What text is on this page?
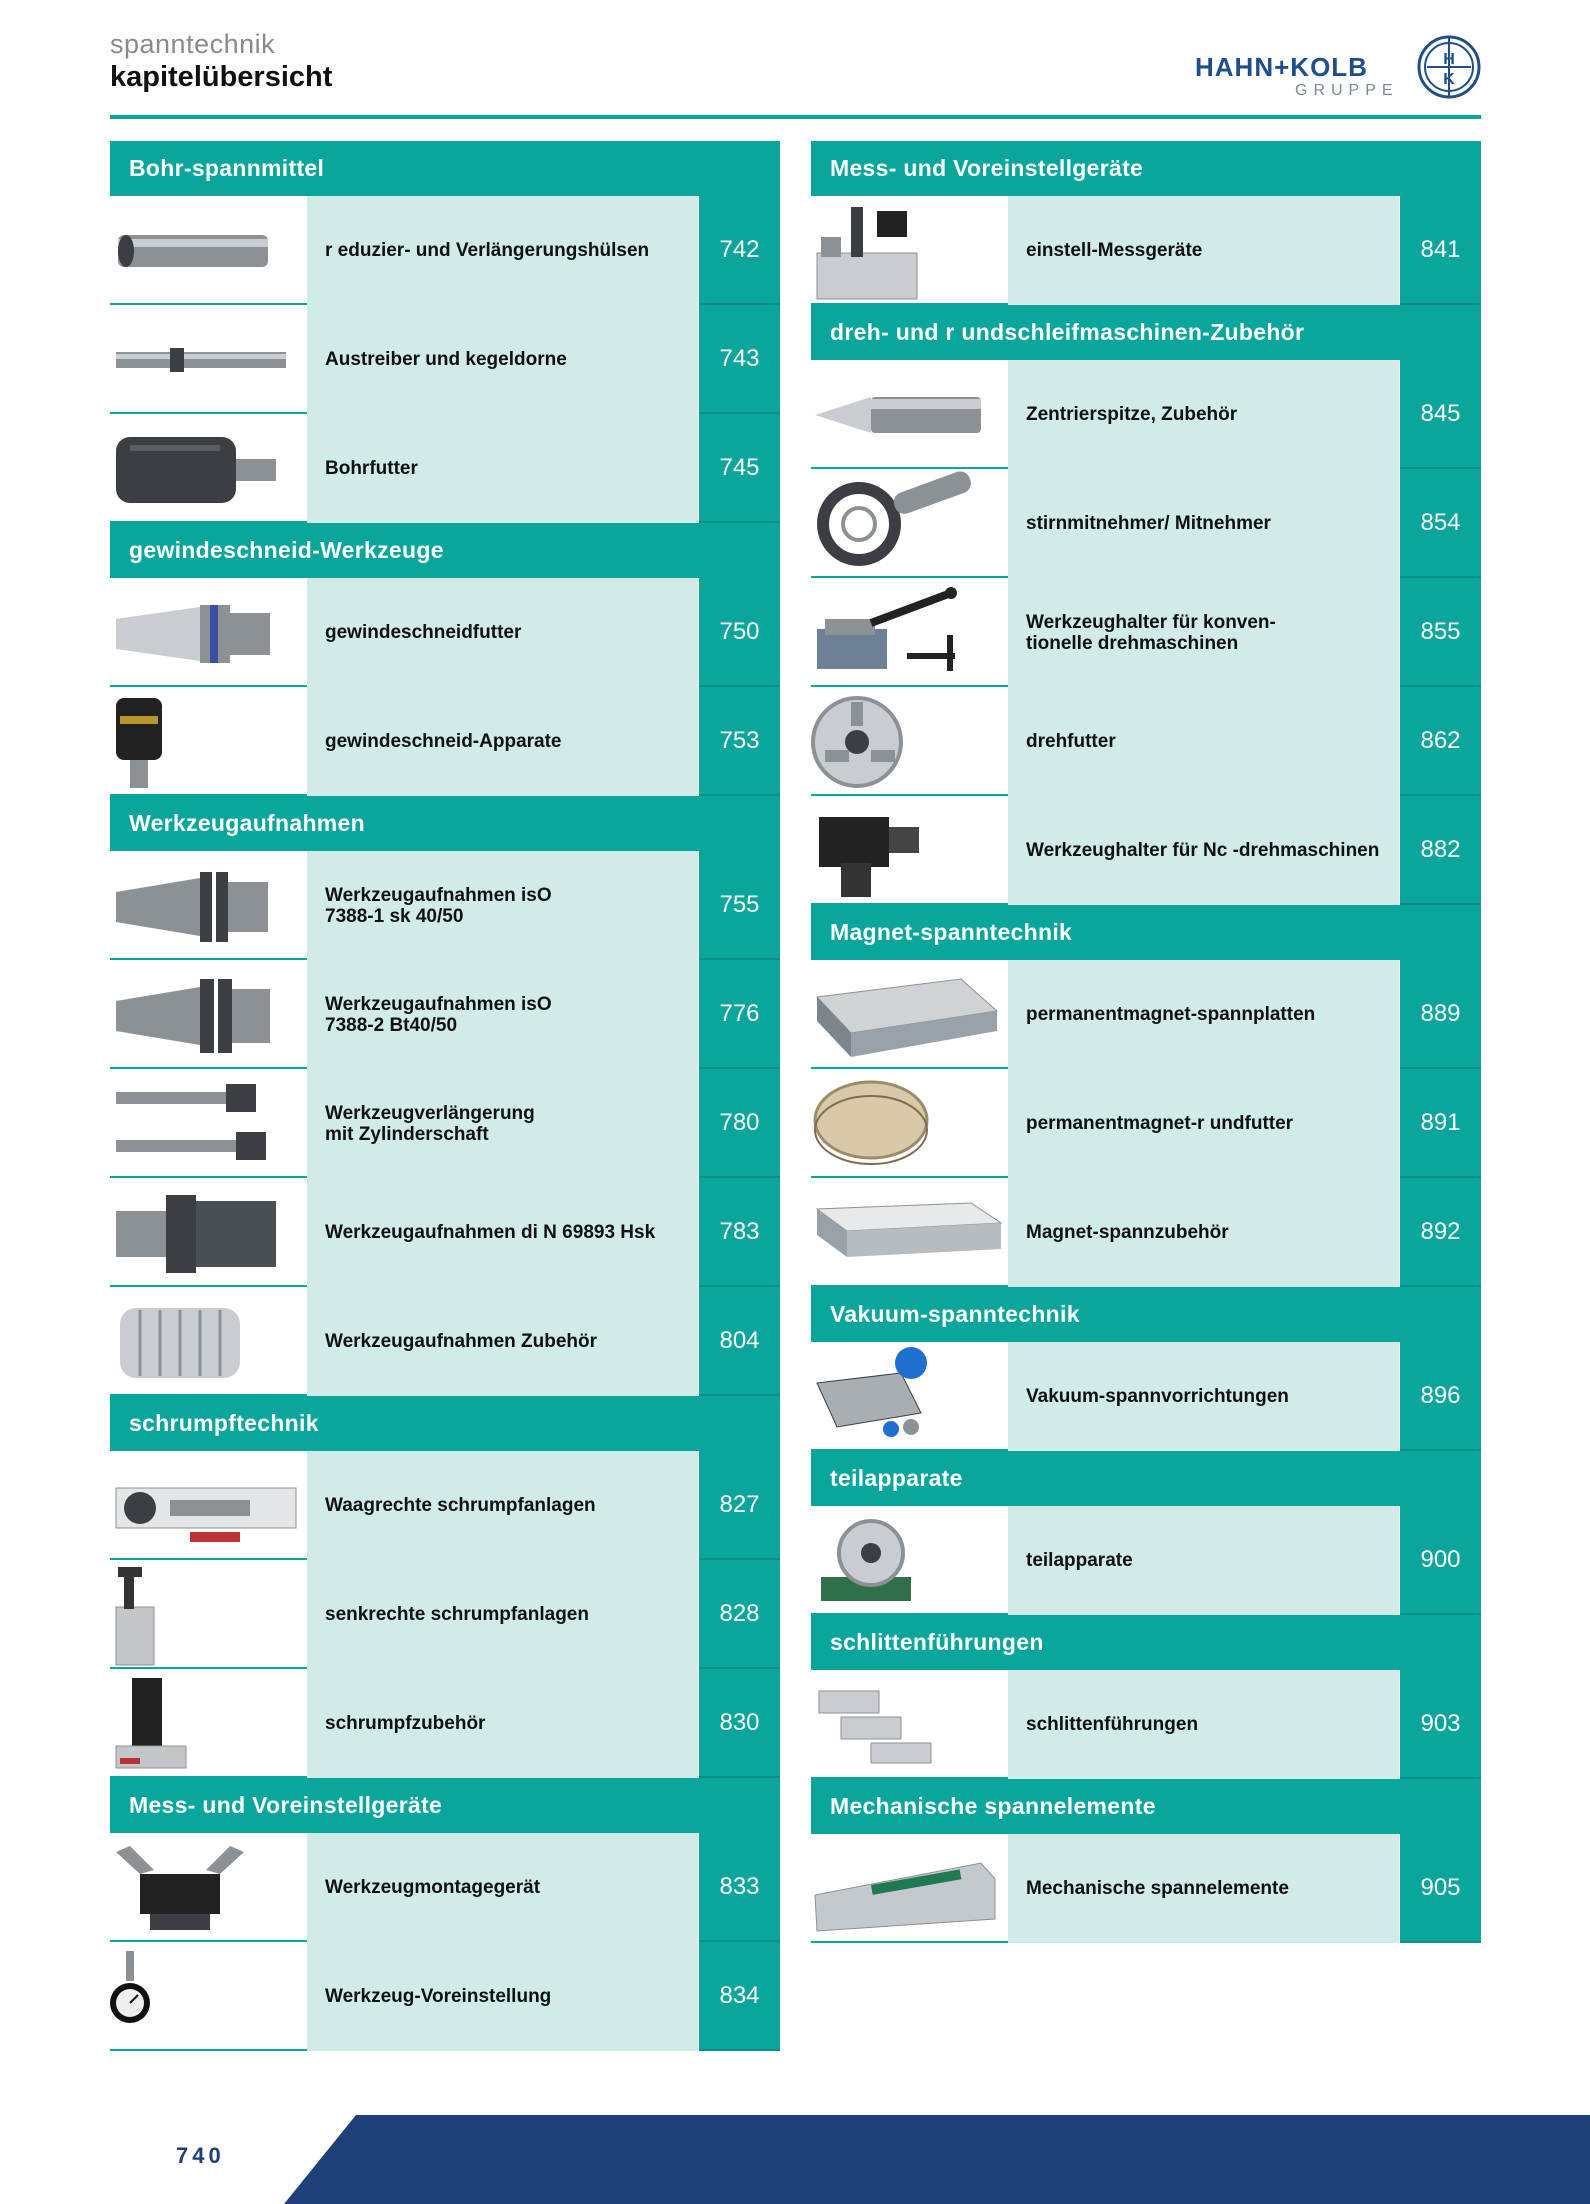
spanntechnik
kapitelübersicht	HAHN+KOLB
GRUPPE
H
K
Bohr-spannmittel
r eduzier- und Verlängerungshülsen	742
Austreiber und kegeldorne	743
Bohrfutter	745
gewindeschneid-Werkzeuge
gewindeschneidfutter	750
gewindeschneid-Apparate	753
Werkzeugaufnahmen
Werkzeugaufnahmen isO
7388-1 sk 40/50	755
Werkzeugaufnahmen isO
7388-2 Bt40/50	776
Werkzeugverlängerung
mit Zylinderschaft	780
Werkzeugaufnahmen di N 69893 Hsk	783
Werkzeugaufnahmen Zubehör	804
schrumpftechnik
Waagrechte schrumpfanlagen	827
senkrechte schrumpfanlagen	828
schrumpfzubehör	830
Mess- und Voreinstellgeräte
Werkzeugmontagegerät	833
Werkzeug-Voreinstellung	834
Mess- und Voreinstellgeräte
einstell-Messgeräte	841
dreh- und r undschleifmaschinen-Zubehör
Zentrierspitze, Zubehör	845
stirnmitnehmer/ Mitnehmer	854
Werkzeughalter für konven-
tionelle drehmaschinen	855
drehfutter	862
Werkzeughalter für Nc -drehmaschinen	882
Magnet-spanntechnik
permanentmagnet-spannplatten	889
permanentmagnet-r undfutter	891
Magnet-spannzubehör	892
Vakuum-spanntechnik
Vakuum-spannvorrichtungen	896
teilapparate
teilapparate	900
schlittenführungen
schlittenführungen	903
Mechanische spannelemente
Mechanische spannelemente	905
740
